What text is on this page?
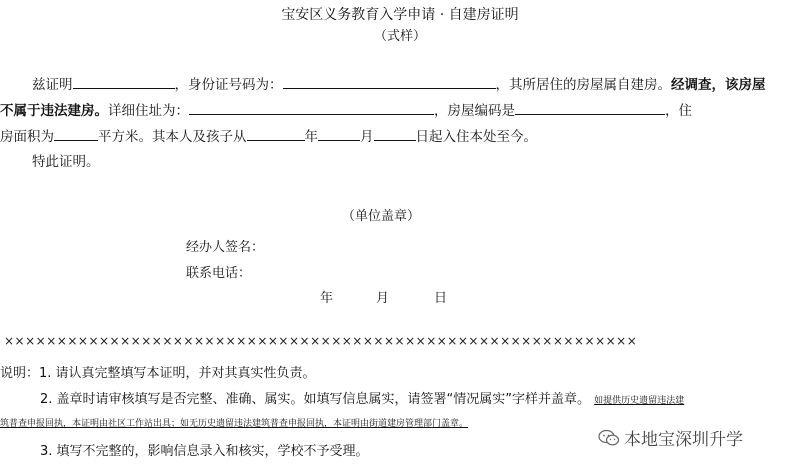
宝安区义务教育入学申请 · 自建房证明
（式样）
兹证明	，身份证号码为：	，其所居住的房屋属自建房。经调查，该房屋
不属于违法建房。详细住址为：	，房屋编码是	，住
房面积为	平方米。其本人及孩子从	年	月	日起入住本处至今。
特此证明。
（单位盖章）
经办人签名：
联系电话：
年	月	日
××××××××××××××××××××××××××××××××××××××××××××××××××××××××××××
说明：1. 请认真完整填写本证明，并对其真实性负责。
2. 盖章时请审核填写是否完整、准确、属实。如填写信息属实，请签署“情况属实”字样并盖章。 如提供历史遗留违法建
筑普查申报回执，本证明由社区工作站出具；如无历史遗留违法建筑普查申报回执，本证明由街道建房管理部门盖章。
3. 填写不完整的，影响信息录入和核实，学校不予受理。
本地宝深圳升学
